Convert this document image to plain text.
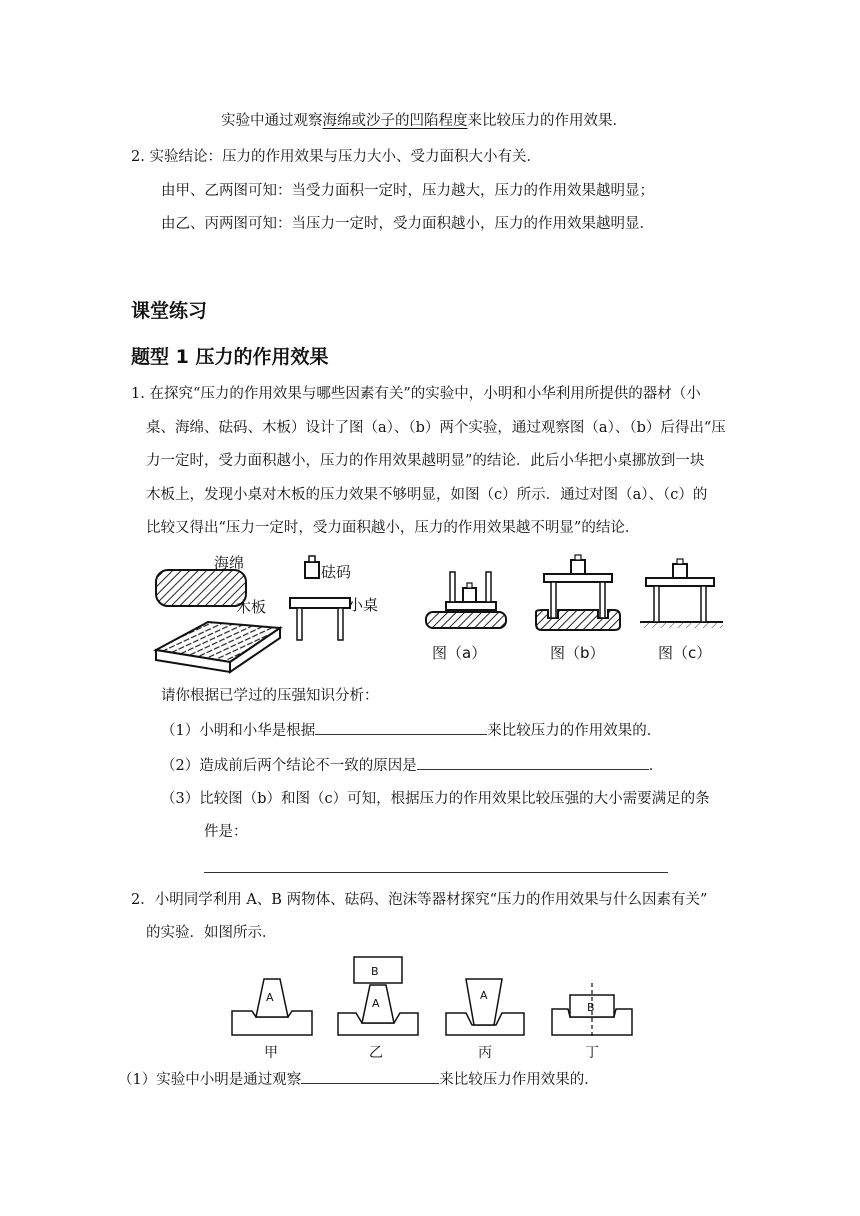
实验中通过观察海绵或沙子的凹陷程度来比较压力的作用效果．
2. 实验结论：压力的作用效果与压力大小、受力面积大小有关．
由甲、乙两图可知：当受力面积一定时，压力越大，压力的作用效果越明显；
由乙、丙两图可知：当压力一定时，受力面积越小，压力的作用效果越明显．
课堂练习
题型 1 压力的作用效果
1. 在探究“压力的作用效果与哪些因素有关”的实验中，小明和小华利用所提供的器材（小
桌、海绵、砝码、木板）设计了图（a）、（b）两个实验，通过观察图（a）、（b）后得出“压
力一定时，受力面积越小，压力的作用效果越明显”的结论．此后小华把小桌挪放到一块
木板上，发现小桌对木板的压力效果不够明显，如图（c）所示．通过对图（a）、（c）的
比较又得出“压力一定时，受力面积越小，压力的作用效果越不明显”的结论．
海绵
木板
砝码
小桌
图（a）	图（b）	图（c）
请你根据已学过的压强知识分析：
（1）小明和小华是根据	来比较压力的作用效果的．
（2）造成前后两个结论不一致的原因是	．
（3）比较图（b）和图（c）可知，根据压力的作用效果比较压强的大小需要满足的条
件是：
2．小明同学利用 A、B 两物体、砝码、泡沫等器材探究“压力的作用效果与什么因素有关”
的实验．如图所示．
A
甲
B
A
乙
A
丙
B
丁
（1）实验中小明是通过观察	来比较压力作用效果的．
